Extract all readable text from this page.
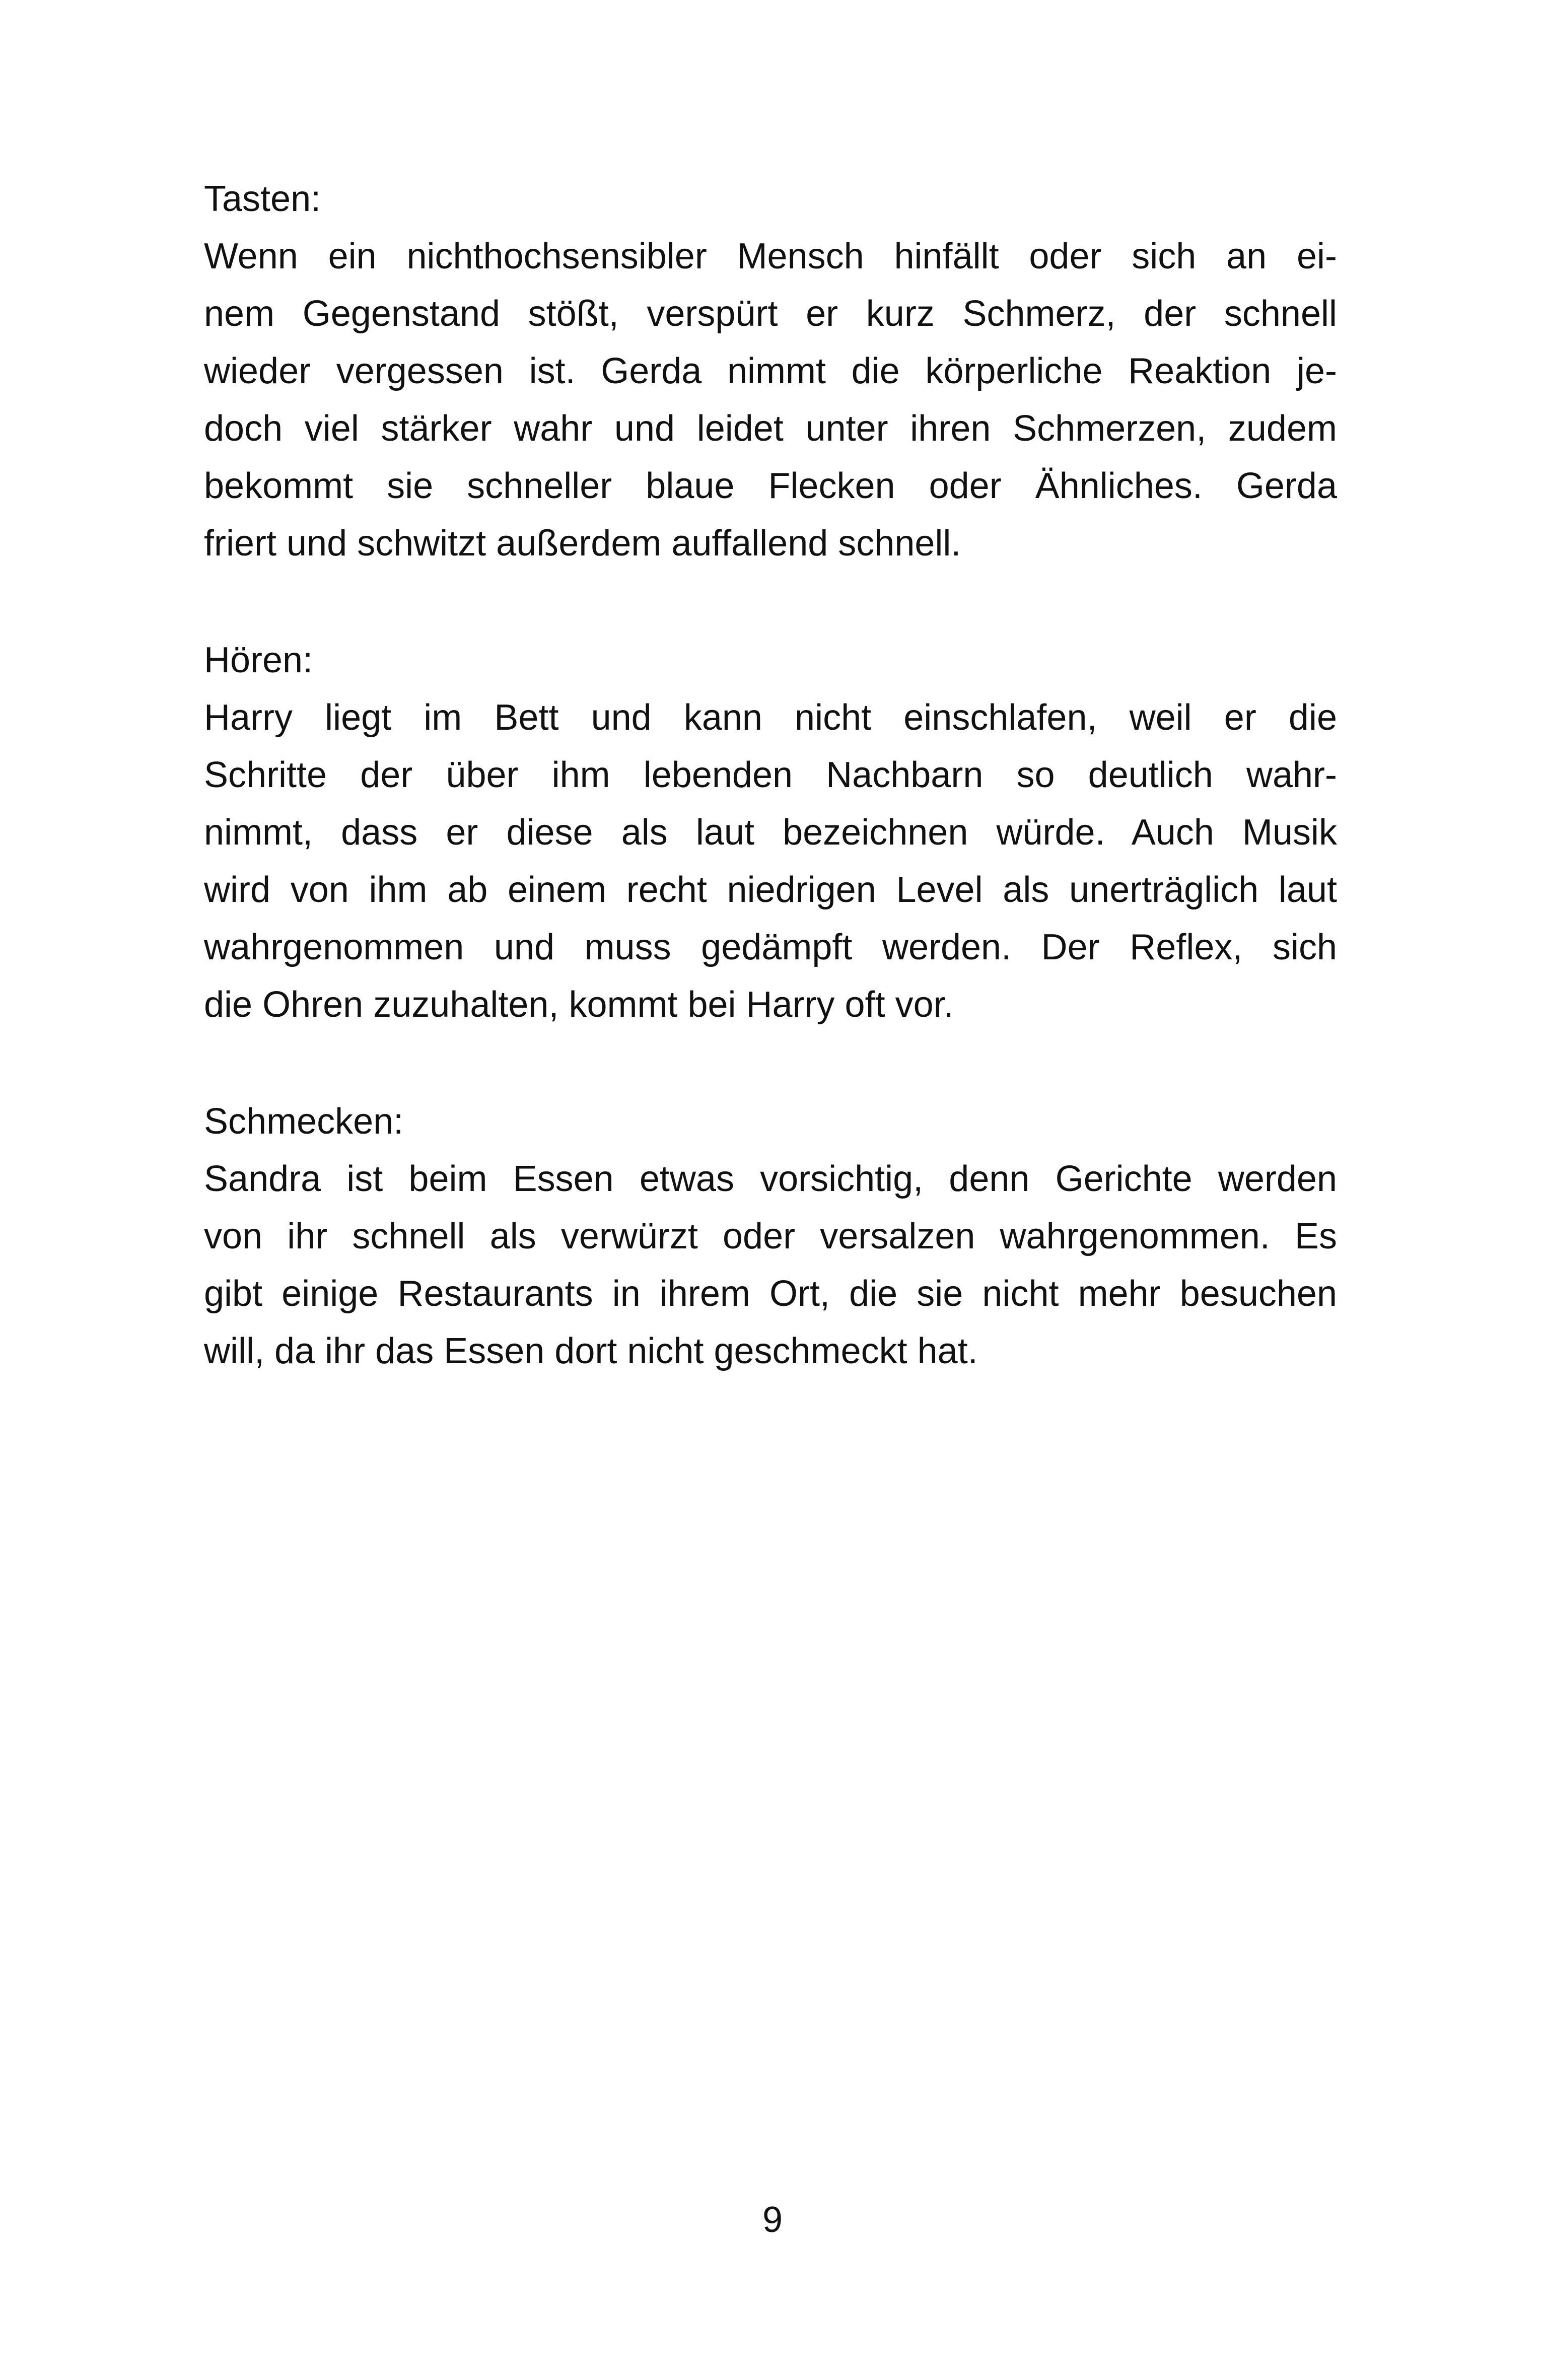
Tasten:
Wenn ein nichthochsensibler Mensch hinfällt oder sich an ei-
nem Gegenstand stößt, verspürt er kurz Schmerz, der schnell
wieder vergessen ist. Gerda nimmt die körperliche Reaktion je-
doch viel stärker wahr und leidet unter ihren Schmerzen, zudem
bekommt sie schneller blaue Flecken oder Ähnliches. Gerda
friert und schwitzt außerdem auffallend schnell.
Hören:
Harry liegt im Bett und kann nicht einschlafen, weil er die
Schritte der über ihm lebenden Nachbarn so deutlich wahr-
nimmt, dass er diese als laut bezeichnen würde. Auch Musik
wird von ihm ab einem recht niedrigen Level als unerträglich laut
wahrgenommen und muss gedämpft werden. Der Reflex, sich
die Ohren zuzuhalten, kommt bei Harry oft vor.
Schmecken:
Sandra ist beim Essen etwas vorsichtig, denn Gerichte werden
von ihr schnell als verwürzt oder versalzen wahrgenommen. Es
gibt einige Restaurants in ihrem Ort, die sie nicht mehr besuchen
will, da ihr das Essen dort nicht geschmeckt hat.
9
